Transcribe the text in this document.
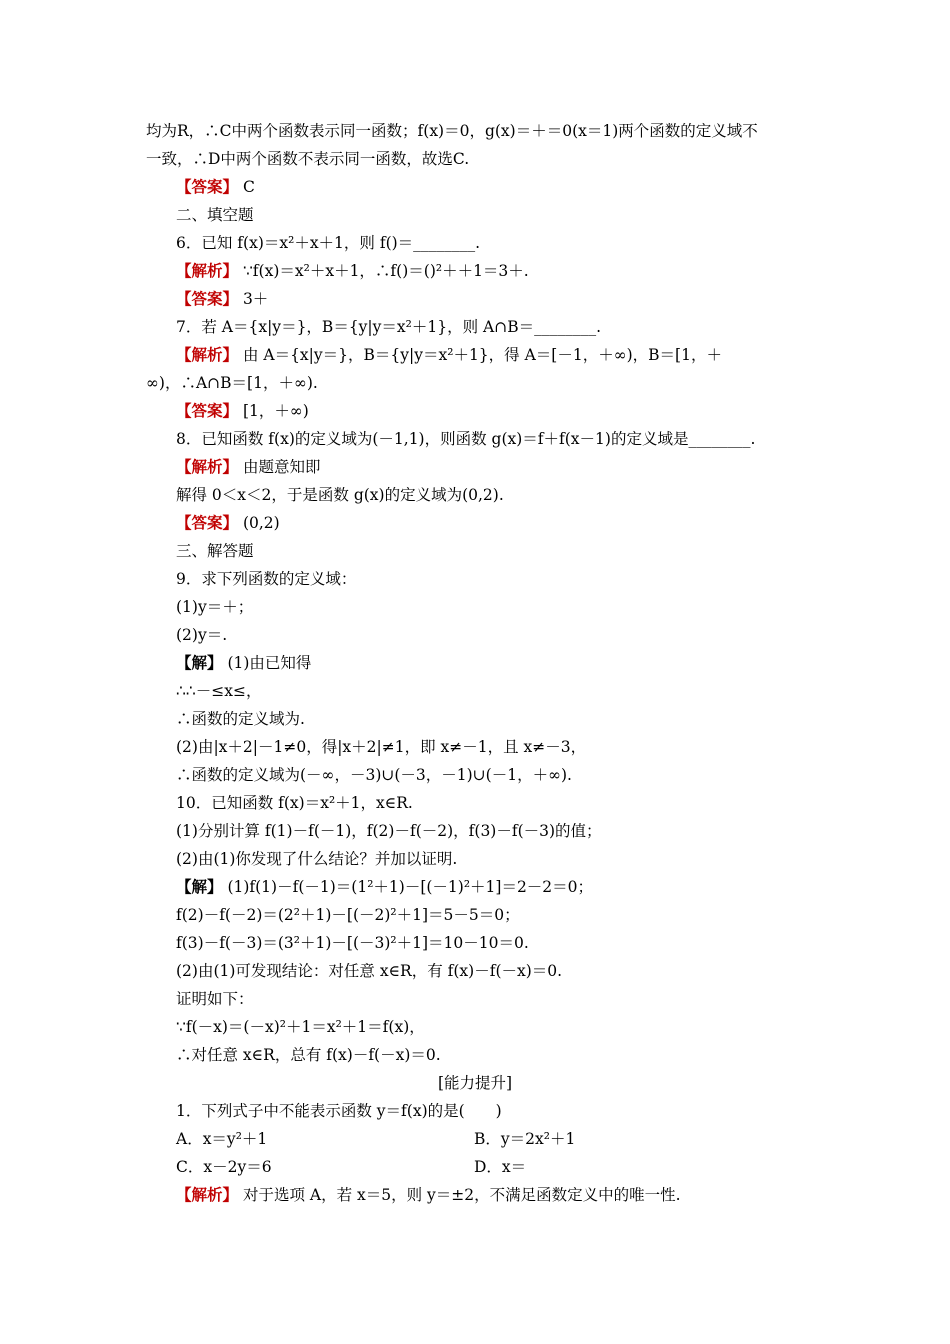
均为R，∴C中两个函数表示同一函数；f(x)＝0，g(x)＝＋＝0(x＝1)两个函数的定义域不
一致，∴D中两个函数不表示同一函数，故选C.
【答案】 C
二、填空题
6．已知 f(x)＝x²＋x＋1，则 f()＝________.
【解析】 ∵f(x)＝x²＋x＋1，∴f()＝()²＋＋1＝3＋.
【答案】 3＋
7．若 A＝{x|y＝}，B＝{y|y＝x²＋1}，则 A∩B＝________.
【解析】 由 A＝{x|y＝}，B＝{y|y＝x²＋1}，得 A＝[－1，＋∞)，B＝[1，＋
∞)，∴A∩B＝[1，＋∞).
【答案】 [1，＋∞)
8．已知函数 f(x)的定义域为(－1,1)，则函数 g(x)＝f＋f(x－1)的定义域是________.
【解析】 由题意知即
解得 0＜x＜2，于是函数 g(x)的定义域为(0,2).
【答案】 (0,2)
三、解答题
9．求下列函数的定义域：
(1)y＝＋；
(2)y＝.
【解】 (1)由已知得
∴∴－≤x≤，
∴函数的定义域为.
(2)由|x＋2|－1≠0，得|x＋2|≠1，即 x≠－1，且 x≠－3，
∴函数的定义域为(－∞，－3)∪(－3，－1)∪(－1，＋∞).
10．已知函数 f(x)＝x²＋1，x∈R.
(1)分别计算 f(1)－f(－1)，f(2)－f(－2)，f(3)－f(－3)的值；
(2)由(1)你发现了什么结论？并加以证明.
【解】 (1)f(1)－f(－1)＝(1²＋1)－[(－1)²＋1]＝2－2＝0；
f(2)－f(－2)＝(2²＋1)－[(－2)²＋1]＝5－5＝0；
f(3)－f(－3)＝(3²＋1)－[(－3)²＋1]＝10－10＝0.
(2)由(1)可发现结论：对任意 x∈R，有 f(x)－f(－x)＝0.
证明如下：
∵f(－x)＝(－x)²＋1＝x²＋1＝f(x)，
∴对任意 x∈R，总有 f(x)－f(－x)＝0.
[能力提升]
1．下列式子中不能表示函数 y＝f(x)的是(　　)
A．x＝y²＋1	B．y＝2x²＋1
C．x－2y＝6	D．x＝
【解析】 对于选项 A，若 x＝5，则 y＝±2，不满足函数定义中的唯一性.
